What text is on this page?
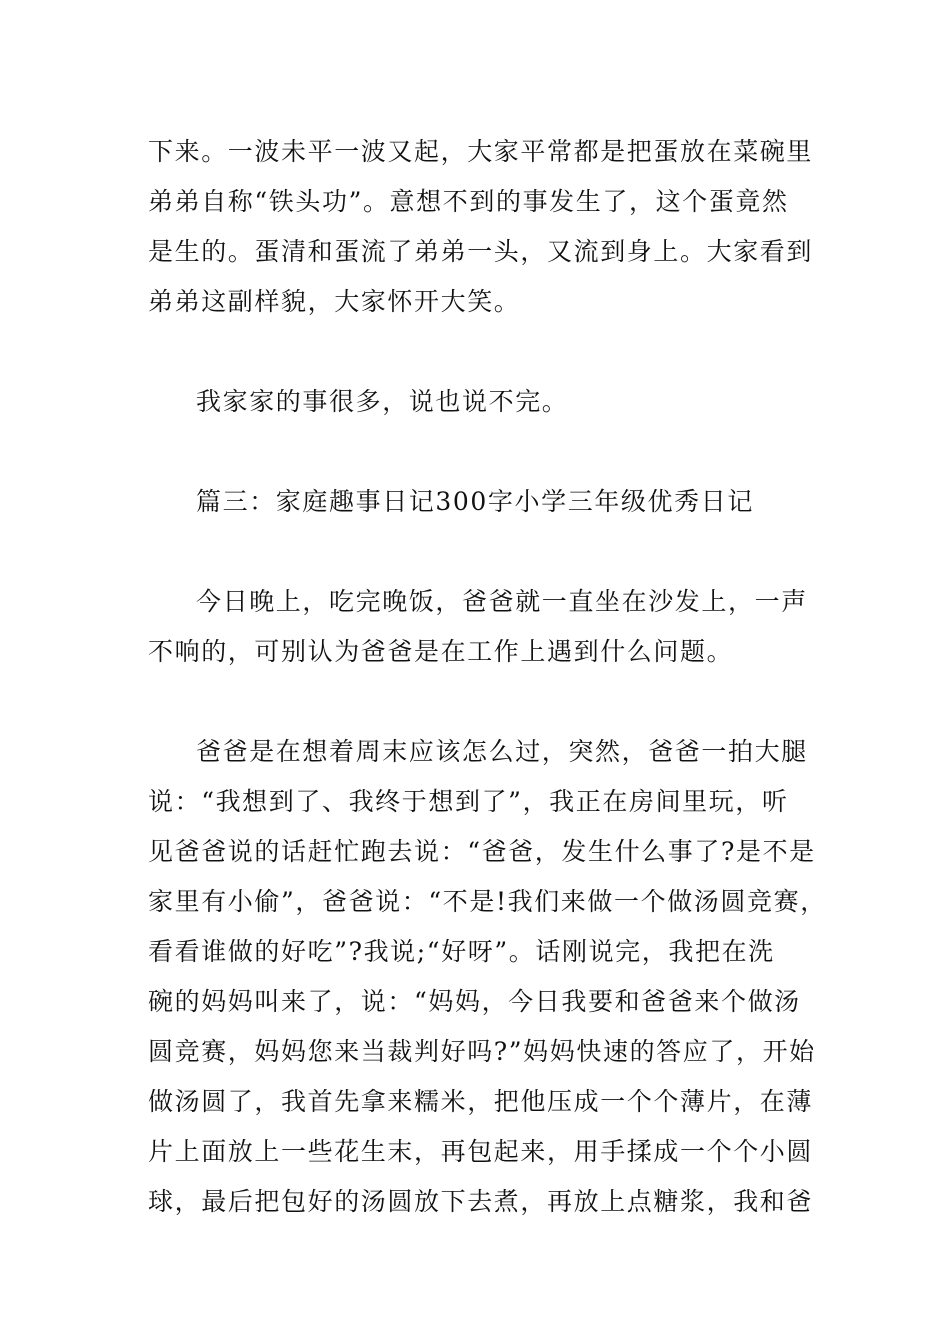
下来。一波未平一波又起，大家平常都是把蛋放在菜碗里
弟弟自称“铁头功”。意想不到的事发生了，这个蛋竟然
是生的。蛋清和蛋流了弟弟一头，又流到身上。大家看到
弟弟这副样貌，大家怀开大笑。
我家家的事很多，说也说不完。
篇三：家庭趣事日记300字小学三年级优秀日记
今日晚上，吃完晚饭，爸爸就一直坐在沙发上，一声
不响的，可别认为爸爸是在工作上遇到什么问题。
爸爸是在想着周末应该怎么过，突然，爸爸一拍大腿
说：“我想到了、我终于想到了”，我正在房间里玩，听
见爸爸说的话赶忙跑去说：“爸爸，发生什么事了?是不是
家里有小偷”，爸爸说：“不是!我们来做一个做汤圆竞赛，
看看谁做的好吃”?我说;“好呀”。话刚说完，我把在洗
碗的妈妈叫来了，说：“妈妈，今日我要和爸爸来个做汤
圆竞赛，妈妈您来当裁判好吗?”妈妈快速的答应了，开始
做汤圆了，我首先拿来糯米，把他压成一个个薄片，在薄
片上面放上一些花生末，再包起来，用手揉成一个个小圆
球，最后把包好的汤圆放下去煮，再放上点糖浆，我和爸
